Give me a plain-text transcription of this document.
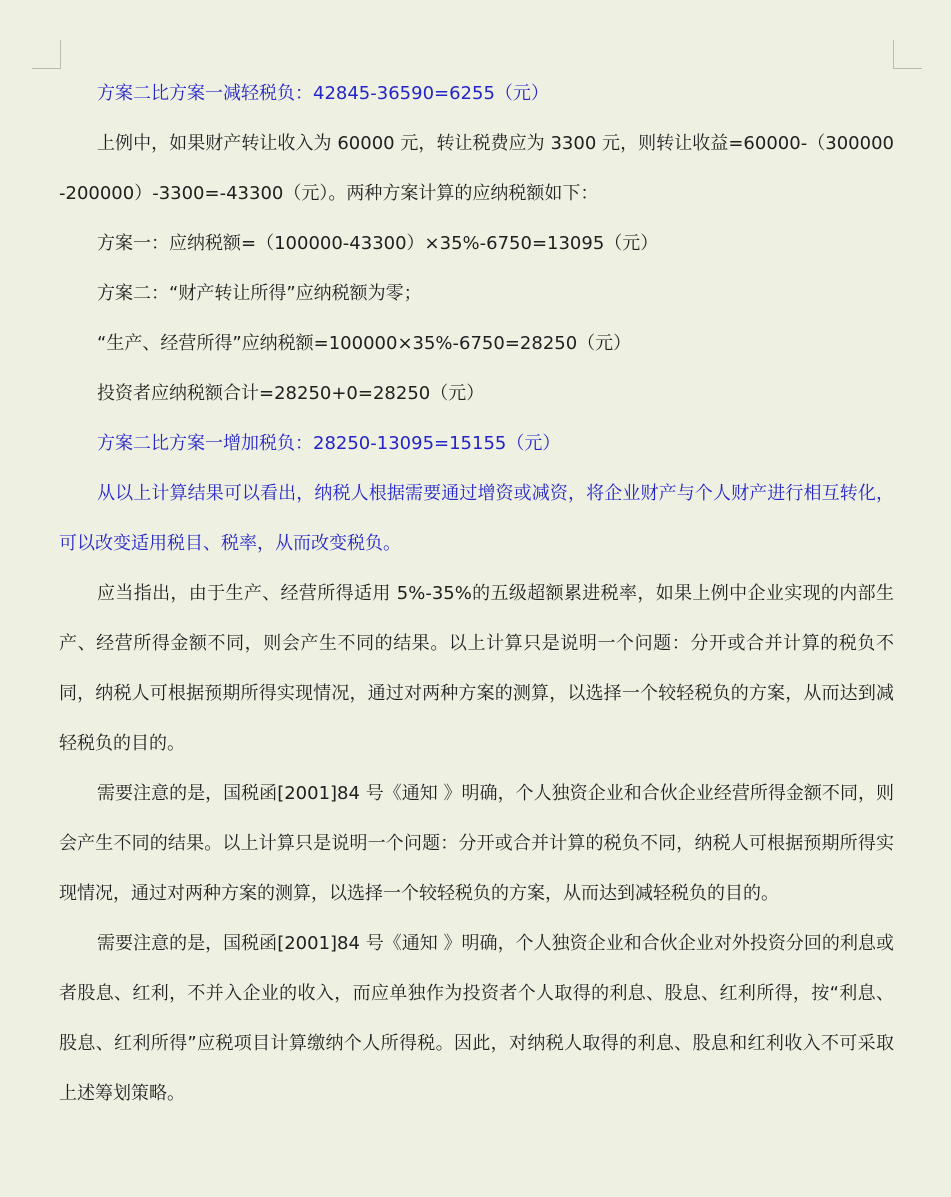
方案二比方案一减轻税负：42845-36590=6255（元）

上例中，如果财产转让收入为 60000 元，转让税费应为 3300 元，则转让收益=60000-（300000-200000）-3300=-43300（元）。两种方案计算的应纳税额如下：

方案一：应纳税额=（100000-43300）×35%-6750=13095（元）

方案二：“财产转让所得”应纳税额为零；

“生产、经营所得”应纳税额=100000×35%-6750=28250（元）

投资者应纳税额合计=28250+0=28250（元）

方案二比方案一增加税负：28250-13095=15155（元）

从以上计算结果可以看出，纳税人根据需要通过增资或减资，将企业财产与个人财产进行相互转化，可以改变适用税目、税率，从而改变税负。

应当指出，由于生产、经营所得适用 5%-35%的五级超额累进税率，如果上例中企业实现的内部生产、经营所得金额不同，则会产生不同的结果。以上计算只是说明一个问题：分开或合并计算的税负不同，纳税人可根据预期所得实现情况，通过对两种方案的测算，以选择一个较轻税负的方案，从而达到减轻税负的目的。

需要注意的是，国税函[2001]84 号《通知 》明确，个人独资企业和合伙企业经营所得金额不同，则会产生不同的结果。以上计算只是说明一个问题：分开或合并计算的税负不同，纳税人可根据预期所得实现情况，通过对两种方案的测算，以选择一个较轻税负的方案，从而达到减轻税负的目的。

需要注意的是，国税函[2001]84 号《通知 》明确，个人独资企业和合伙企业对外投资分回的利息或者股息、红利，不并入企业的收入，而应单独作为投资者个人取得的利息、股息、红利所得，按“利息、股息、红利所得”应税项目计算缴纳个人所得税。因此，对纳税人取得的利息、股息和红利收入不可采取上述筹划策略。
